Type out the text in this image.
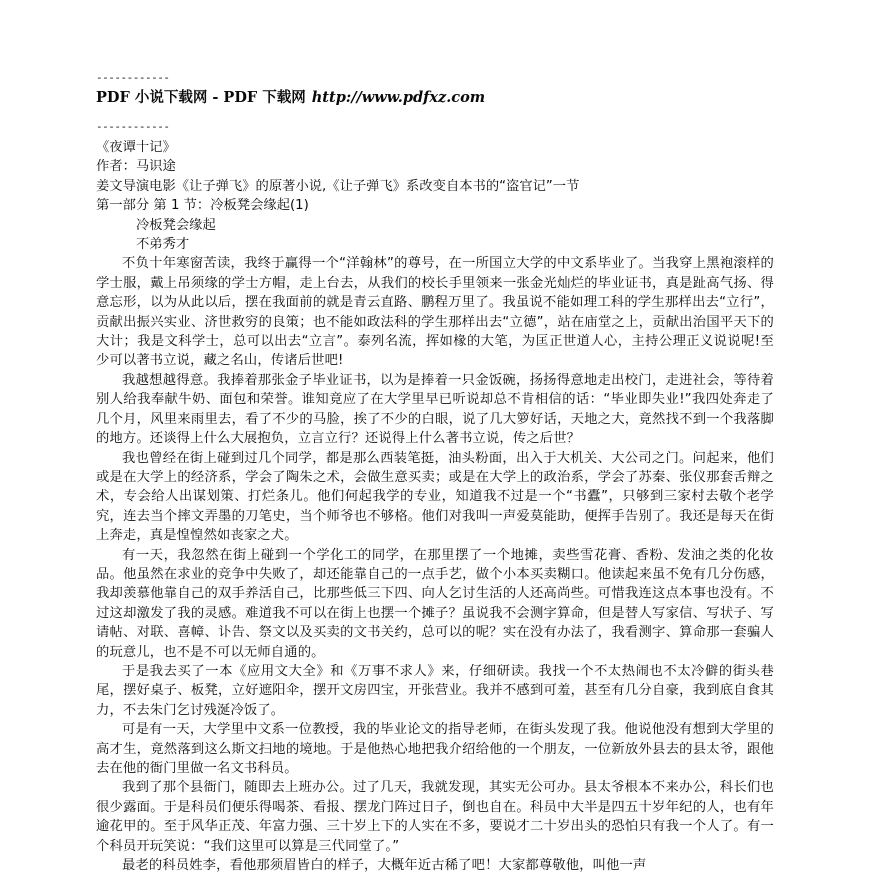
------------
PDF 小说下载网 - PDF 下载网 http://www.pdfxz.com
------------
《夜谭十记》
作者：马识途
姜文导演电影《让子弹飞》的原著小说,《让子弹飞》系改变自本书的“盗官记”一节
第一部分 第 1 节：冷板凳会缘起(1)
冷板凳会缘起
不弟秀才

不负十年寒窗苦读，我终于赢得一个“洋翰林”的尊号，在一所国立大学的中文系毕业了。当我穿上黑袍滚样的学士服，戴上吊须缘的学士方帽，走上台去，从我们的校长手里领来一张金光灿烂的毕业证书，真是趾高气扬、得意忘形，以为从此以后，摆在我面前的就是青云直路、鹏程万里了。我虽说不能如理工科的学生那样出去“立行”，贡献出振兴实业、济世救穷的良策；也不能如政法科的学生那样出去“立德”，站在庙堂之上，贡献出治国平天下的大计；我是文科学士，总可以出去“立言”。泰列名流，挥如椽的大笔，为匡正世道人心，主持公理正义说说呢!至少可以著书立说，藏之名山，传诸后世吧!

我越想越得意。我捧着那张金子毕业证书，以为是捧着一只金饭碗，扬扬得意地走出校门，走进社会，等待着别人给我奉献牛奶、面包和荣誉。谁知竟应了在大学里早已听说却总不肯相信的话：“毕业即失业!”我四处奔走了几个月，风里来雨里去，看了不少的马脸，挨了不少的白眼，说了几大箩好话，天地之大，竟然找不到一个我落脚的地方。还谈得上什么大展抱负，立言立行？还说得上什么著书立说，传之后世？

我也曾经在街上碰到过几个同学，都是那么西装笔挺，油头粉面，出入于大机关、大公司之门。问起来，他们或是在大学上的经济系，学会了陶朱之术，会做生意买卖；或是在大学上的政治系，学会了苏秦、张仪那套舌辩之术，专会给人出谋划策、打烂条儿。他们何起我学的专业，知道我不过是一个“书蠹”，只够到三家村去敬个老学究，连去当个摔文弄墨的刀笔史，当个师爷也不够格。他们对我叫一声爱莫能助，便挥手告别了。我还是每天在街上奔走，真是惶惶然如丧家之犬。

有一天，我忽然在街上碰到一个学化工的同学，在那里摆了一个地摊，卖些雪花膏、香粉、发油之类的化妆品。他虽然在求业的竞争中失败了，却还能靠自己的一点手艺，做个小本买卖糊口。他读起来虽不免有几分伤感，我却羡慕他靠自己的双手养活自己，比那些低三下四、向人乞讨生活的人还高尚些。可惜我连这点本事也没有。不过这却激发了我的灵感。难道我不可以在街上也摆一个摊子？虽说我不会测字算命，但是替人写家信、写状子、写请帖、对联、喜幛、讣告、祭文以及买卖的文书关约，总可以的呢？实在没有办法了，我看测字、算命那一套骗人的玩意儿，也不是不可以无师自通的。

于是我去买了一本《应用文大全》和《万事不求人》来，仔细研读。我找一个不太热闹也不太冷僻的街头巷尾，摆好桌子、板凳，立好遮阳伞，摆开文房四宝，开张营业。我并不感到可羞，甚至有几分自豪，我到底自食其力，不去朱门乞讨残涎冷饭了。

可是有一天，大学里中文系一位教授，我的毕业论文的指导老师，在街头发现了我。他说他没有想到大学里的高才生，竟然落到这么斯文扫地的境地。于是他热心地把我介绍给他的一个朋友，一位新放外县去的县太爷，跟他去在他的衙门里做一名文书科员。

我到了那个县衙门，随即去上班办公。过了几天，我就发现，其实无公可办。县太爷根本不来办公，科长们也很少露面。于是科员们便乐得喝茶、看报、摆龙门阵过日子，倒也自在。科员中大半是四五十岁年纪的人，也有年逾花甲的。至于风华正茂、年富力强、三十岁上下的人实在不多，要说才二十岁出头的恐怕只有我一个人了。有一个科员开玩笑说：“我们这里可以算是三代同堂了。”

最老的科员姓李，看他那须眉皆白的样子，大概年近古稀了吧！大家都尊敬他，叫他一声
